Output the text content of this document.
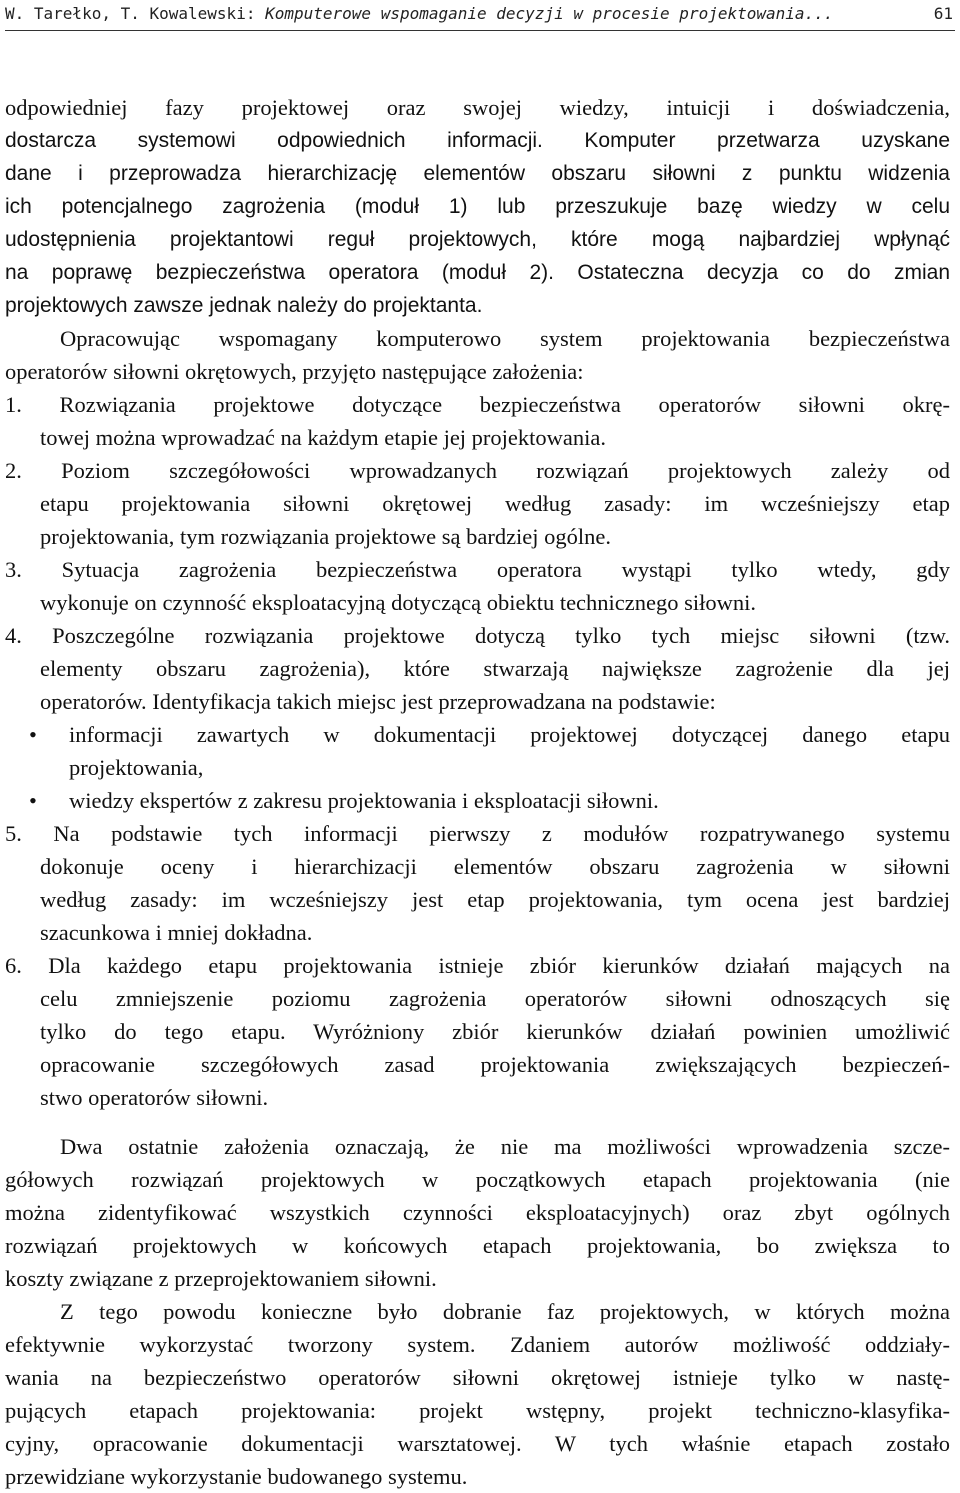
W. Tarełko, T. Kowalewski: Komputerowe wspomaganie decyzji w procesie projektowania...	61
odpowiedniej fazy projektowej oraz swojej wiedzy, intuicji i doświadczenia,
dostarcza systemowi odpowiednich informacji. Komputer przetwarza uzyskane
dane i przeprowadza hierarchizację elementów obszaru siłowni z punktu widzenia
ich potencjalnego zagrożenia (moduł 1) lub przeszukuje bazę wiedzy w celu
udostępnienia projektantowi reguł projektowych, które mogą najbardziej wpłynąć
na poprawę bezpieczeństwa operatora (moduł 2). Ostateczna decyzja co do zmian
projektowych zawsze jednak należy do projektanta.
Opracowując wspomagany komputerowo system projektowania bezpieczeństwa
operatorów siłowni okrętowych, przyjęto następujące założenia:
1. Rozwiązania projektowe dotyczące bezpieczeństwa operatorów siłowni okrę-
towej można wprowadzać na każdym etapie jej projektowania.
2. Poziom szczegółowości wprowadzanych rozwiązań projektowych zależy od
etapu projektowania siłowni okrętowej według zasady: im wcześniejszy etap
projektowania, tym rozwiązania projektowe są bardziej ogólne.
3. Sytuacja zagrożenia bezpieczeństwa operatora wystąpi tylko wtedy, gdy
wykonuje on czynność eksploatacyjną dotyczącą obiektu technicznego siłowni.
4. Poszczególne rozwiązania projektowe dotyczą tylko tych miejsc siłowni (tzw.
elementy obszaru zagrożenia), które stwarzają największe zagrożenie dla jej
operatorów. Identyfikacja takich miejsc jest przeprowadzana na podstawie:
• informacji zawartych w dokumentacji projektowej dotyczącej danego etapu
projektowania,
• wiedzy ekspertów z zakresu projektowania i eksploatacji siłowni.
5. Na podstawie tych informacji pierwszy z modułów rozpatrywanego systemu
dokonuje oceny i hierarchizacji elementów obszaru zagrożenia w siłowni
według zasady: im wcześniejszy jest etap projektowania, tym ocena jest bardziej
szacunkowa i mniej dokładna.
6. Dla każdego etapu projektowania istnieje zbiór kierunków działań mających na
celu zmniejszenie poziomu zagrożenia operatorów siłowni odnoszących się
tylko do tego etapu. Wyróżniony zbiór kierunków działań powinien umożliwić
opracowanie szczegółowych zasad projektowania zwiększających bezpieczeń-
stwo operatorów siłowni.
Dwa ostatnie założenia oznaczają, że nie ma możliwości wprowadzenia szcze-
gółowych rozwiązań projektowych w początkowych etapach projektowania (nie
można zidentyfikować wszystkich czynności eksploatacyjnych) oraz zbyt ogólnych
rozwiązań projektowych w końcowych etapach projektowania, bo zwiększa to
koszty związane z przeprojektowaniem siłowni.
Z tego powodu konieczne było dobranie faz projektowych, w których można
efektywnie wykorzystać tworzony system. Zdaniem autorów możliwość oddziały-
wania na bezpieczeństwo operatorów siłowni okrętowej istnieje tylko w nastę-
pujących etapach projektowania: projekt wstępny, projekt techniczno-klasyfika-
cyjny, opracowanie dokumentacji warsztatowej. W tych właśnie etapach zostało
przewidziane wykorzystanie budowanego systemu.
